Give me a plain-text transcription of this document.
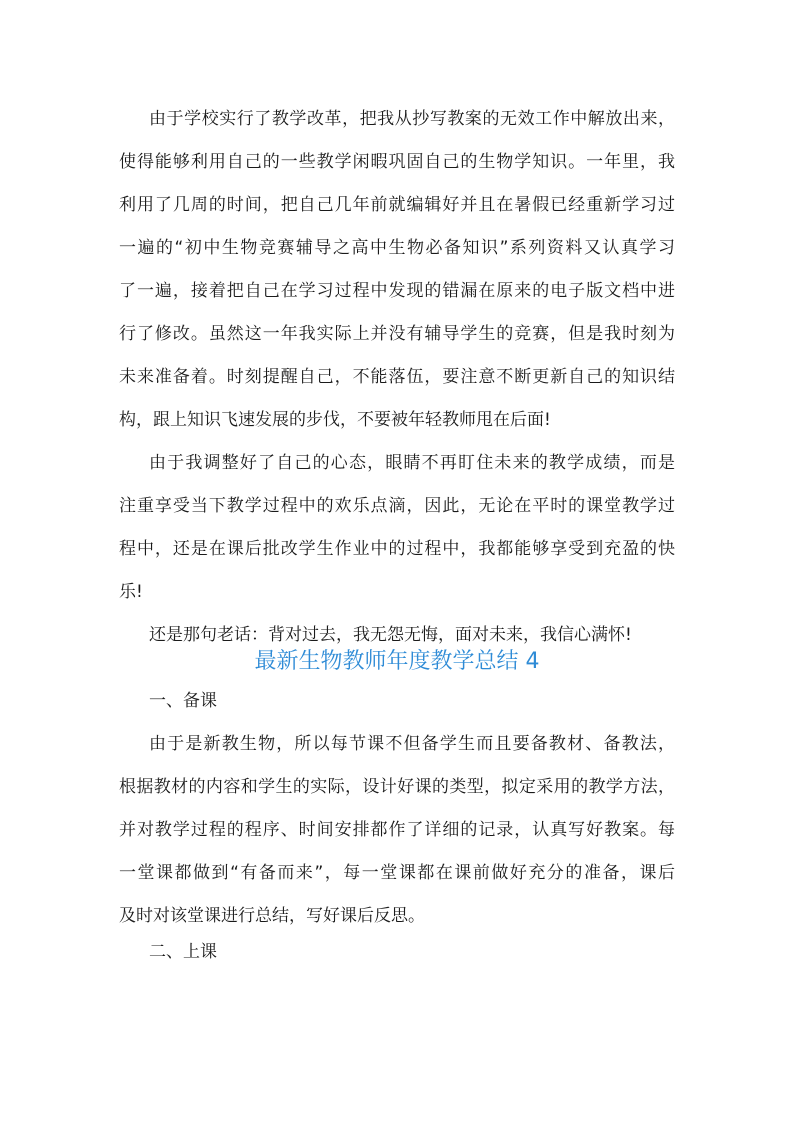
由于学校实行了教学改革，把我从抄写教案的无效工作中解放出来，
使得能够利用自己的一些教学闲暇巩固自己的生物学知识。一年里，我
利用了几周的时间，把自己几年前就编辑好并且在暑假已经重新学习过
一遍的“初中生物竞赛辅导之高中生物必备知识”系列资料又认真学习
了一遍，接着把自己在学习过程中发现的错漏在原来的电子版文档中进
行了修改。虽然这一年我实际上并没有辅导学生的竞赛，但是我时刻为
未来准备着。时刻提醒自己，不能落伍，要注意不断更新自己的知识结
构，跟上知识飞速发展的步伐，不要被年轻教师甩在后面!
由于我调整好了自己的心态，眼睛不再盯住未来的教学成绩，而是
注重享受当下教学过程中的欢乐点滴，因此，无论在平时的课堂教学过
程中，还是在课后批改学生作业中的过程中，我都能够享受到充盈的快
乐!
还是那句老话：背对过去，我无怨无悔，面对未来，我信心满怀!
最新生物教师年度教学总结 4
一、备课
由于是新教生物，所以每节课不但备学生而且要备教材、备教法，
根据教材的内容和学生的实际，设计好课的类型，拟定采用的教学方法，
并对教学过程的程序、时间安排都作了详细的记录，认真写好教案。每
一堂课都做到“有备而来”，每一堂课都在课前做好充分的准备，课后
及时对该堂课进行总结，写好课后反思。
二、上课
